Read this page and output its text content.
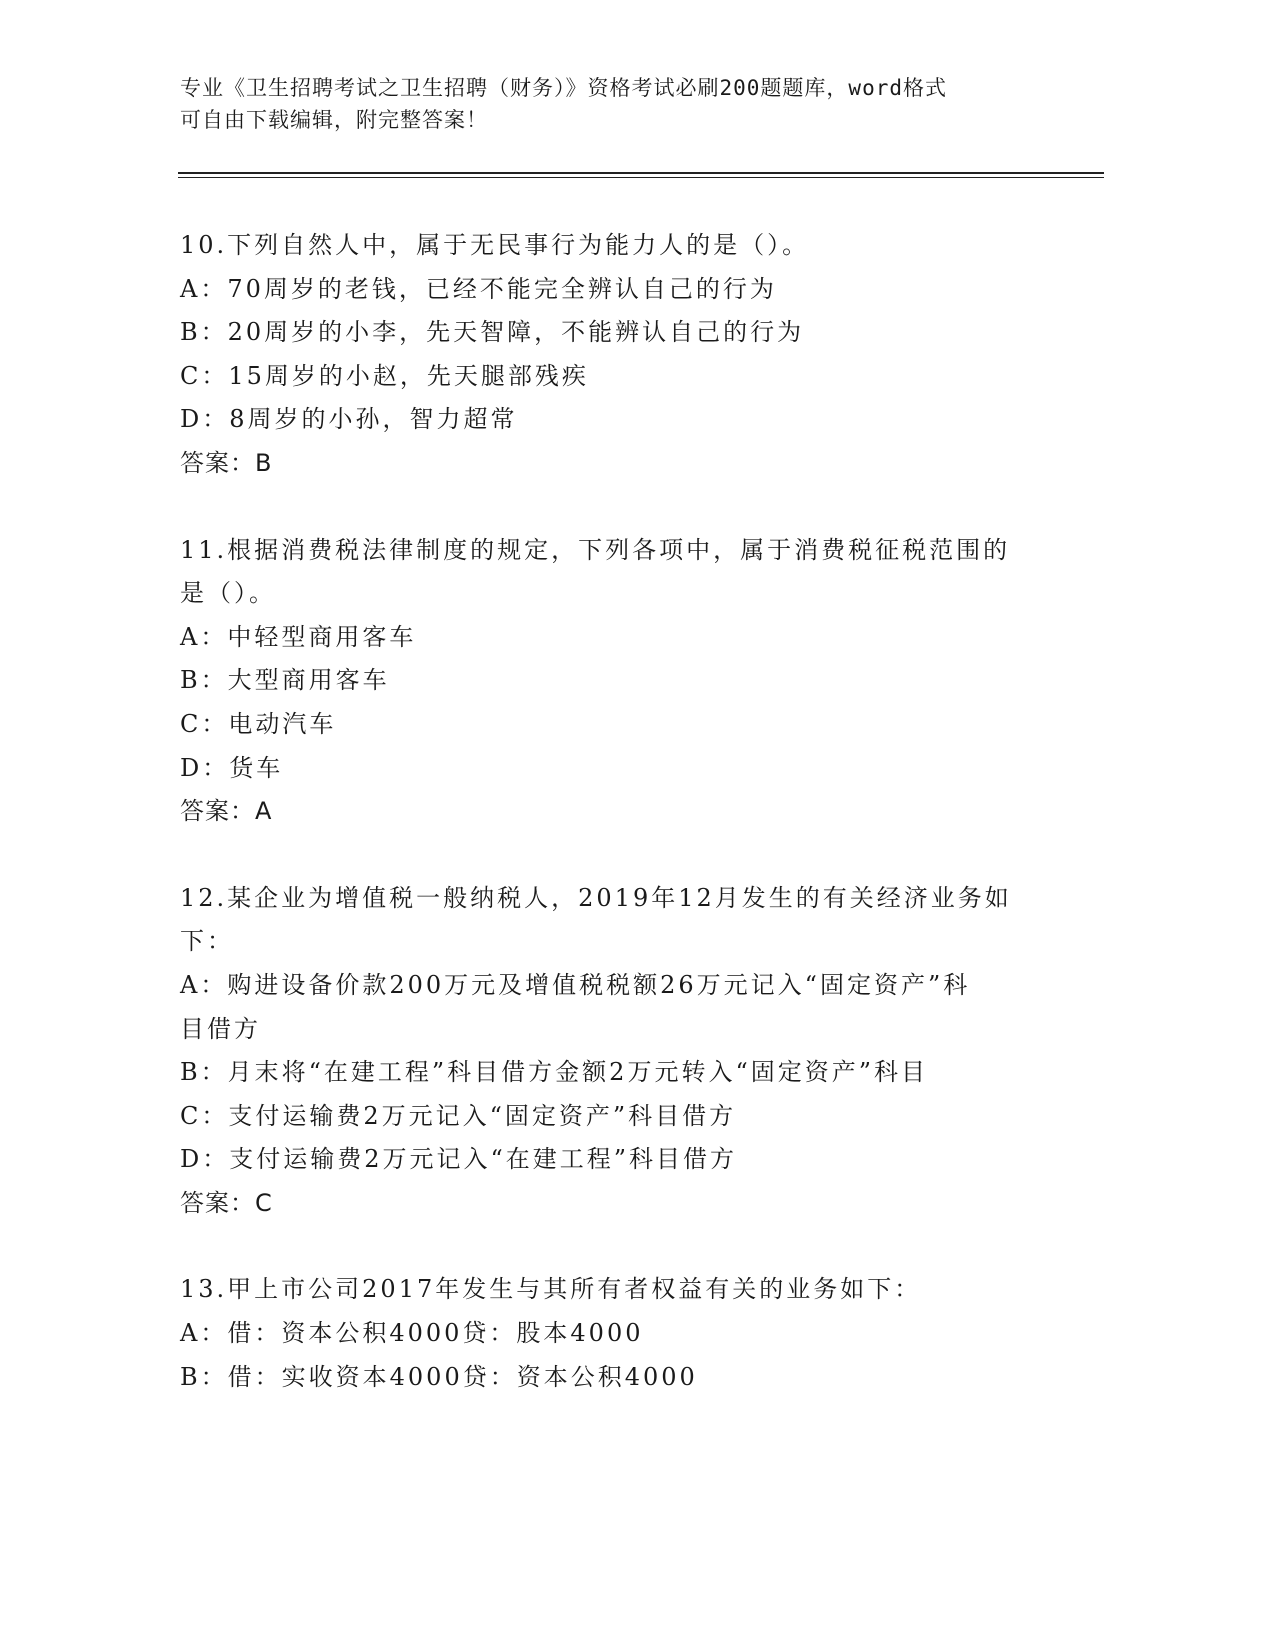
专业《卫生招聘考试之卫生招聘（财务）》资格考试必刷200题题库，word格式
可自由下载编辑，附完整答案！
10.下列自然人中，属于无民事行为能力人的是（）。
A：70周岁的老钱，已经不能完全辨认自己的行为
B：20周岁的小李，先天智障，不能辨认自己的行为
C：15周岁的小赵，先天腿部残疾
D：8周岁的小孙，智力超常
答案：B
11.根据消费税法律制度的规定，下列各项中，属于消费税征税范围的
是（）。
A：中轻型商用客车
B：大型商用客车
C：电动汽车
D：货车
答案：A
12.某企业为增值税一般纳税人，2019年12月发生的有关经济业务如
下：
A：购进设备价款200万元及增值税税额26万元记入“固定资产”科
目借方
B：月末将“在建工程”科目借方金额2万元转入“固定资产”科目
C：支付运输费2万元记入“固定资产”科目借方
D：支付运输费2万元记入“在建工程”科目借方
答案：C
13.甲上市公司2017年发生与其所有者权益有关的业务如下：
A：借：资本公积4000贷：股本4000
B：借：实收资本4000贷：资本公积4000
